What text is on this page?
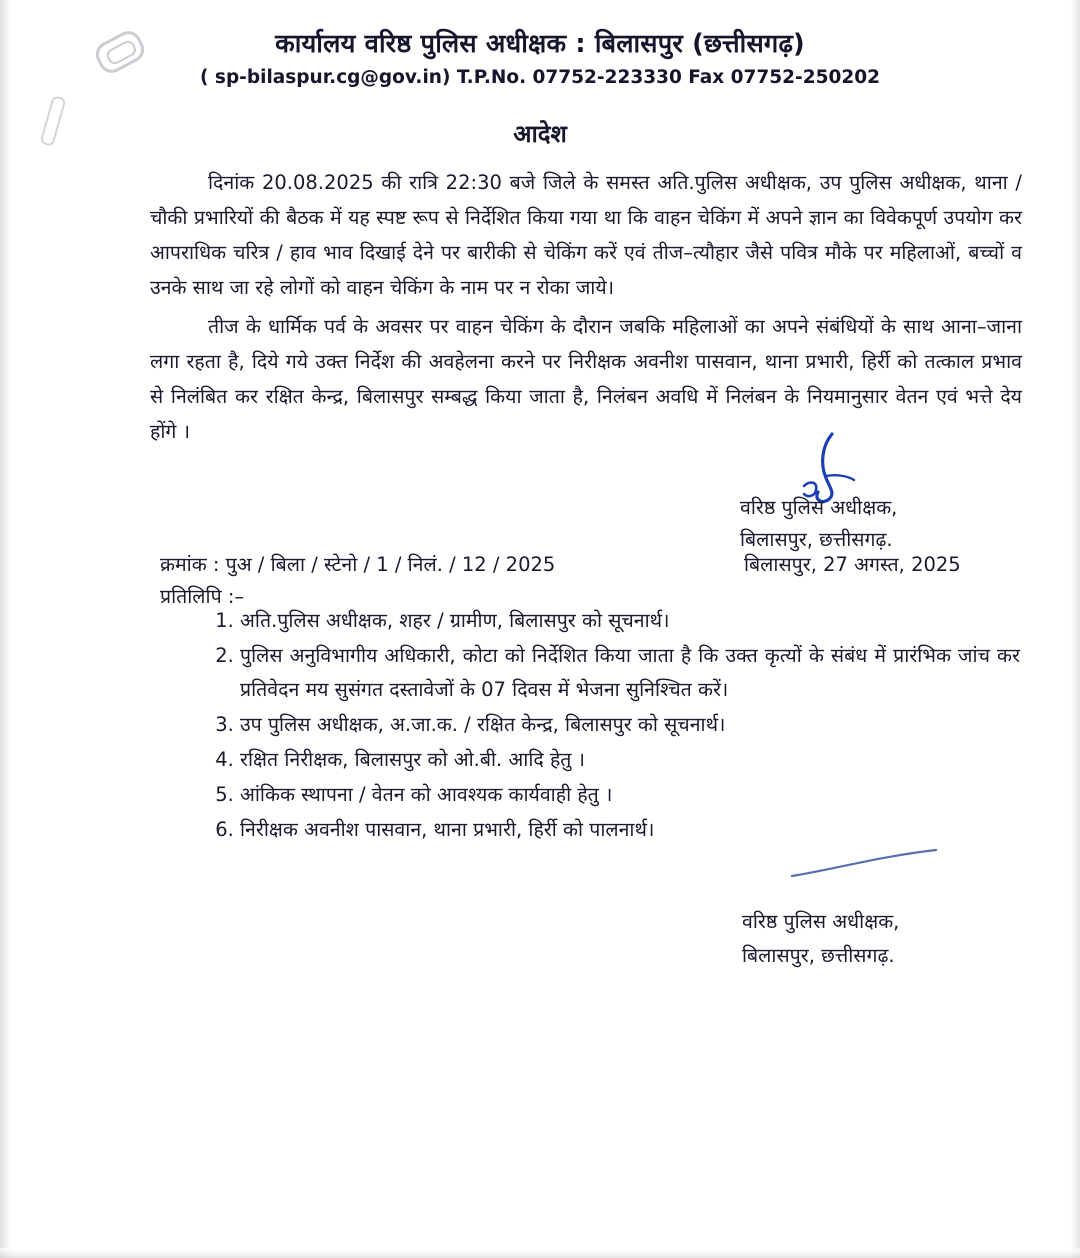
कार्यालय वरिष्ठ पुलिस अधीक्षक : बिलासपुर (छत्तीसगढ़)
( sp-bilaspur.cg@gov.in) T.P.No. 07752-223330 Fax 07752-250202
आदेश

दिनांक 20.08.2025 की रात्रि 22:30 बजे जिले के समस्त अति.पुलिस अधीक्षक, उप पुलिस अधीक्षक, थाना / चौकी प्रभारियों की बैठक में यह स्पष्ट रूप से निर्देशित किया गया था कि वाहन चेकिंग में अपने ज्ञान का विवेकपूर्ण उपयोग कर आपराधिक चरित्र / हाव भाव दिखाई देने पर बारीकी से चेकिंग करें एवं तीज–त्यौहार जैसे पवित्र मौके पर महिलाओं, बच्चों व उनके साथ जा रहे लोगों को वाहन चेकिंग के नाम पर न रोका जाये।

तीज के धार्मिक पर्व के अवसर पर वाहन चेकिंग के दौरान जबकि महिलाओं का अपने संबंधियों के साथ आना–जाना लगा रहता है, दिये गये उक्त निर्देश की अवहेलना करने पर निरीक्षक अवनीश पासवान, थाना प्रभारी, हिर्री को तत्काल प्रभाव से निलंबित कर रक्षित केन्द्र, बिलासपुर सम्बद्ध किया जाता है, निलंबन अवधि में निलंबन के नियमानुसार वेतन एवं भत्ते देय होंगे ।

वरिष्ठ पुलिस अधीक्षक,
बिलासपुर, छत्तीसगढ़.
क्रमांक : पुअ / बिला / स्टेनो / 1 / निलं. / 12 / 2025	बिलासपुर, 27 अगस्त, 2025
प्रतिलिपि :–
1. अति.पुलिस अधीक्षक, शहर / ग्रामीण, बिलासपुर को सूचनार्थ।
2. पुलिस अनुविभागीय अधिकारी, कोटा को निर्देशित किया जाता है कि उक्त कृत्यों के संबंध में प्रारंभिक जांच कर प्रतिवेदन मय सुसंगत दस्तावेजों के 07 दिवस में भेजना सुनिश्चित करें।
3. उप पुलिस अधीक्षक, अ.जा.क. / रक्षित केन्द्र, बिलासपुर को सूचनार्थ।
4. रक्षित निरीक्षक, बिलासपुर को ओ.बी. आदि हेतु ।
5. आंकिक स्थापना / वेतन को आवश्यक कार्यवाही हेतु ।
6. निरीक्षक अवनीश पासवान, थाना प्रभारी, हिर्री को पालनार्थ।
वरिष्ठ पुलिस अधीक्षक,
बिलासपुर, छत्तीसगढ़.
